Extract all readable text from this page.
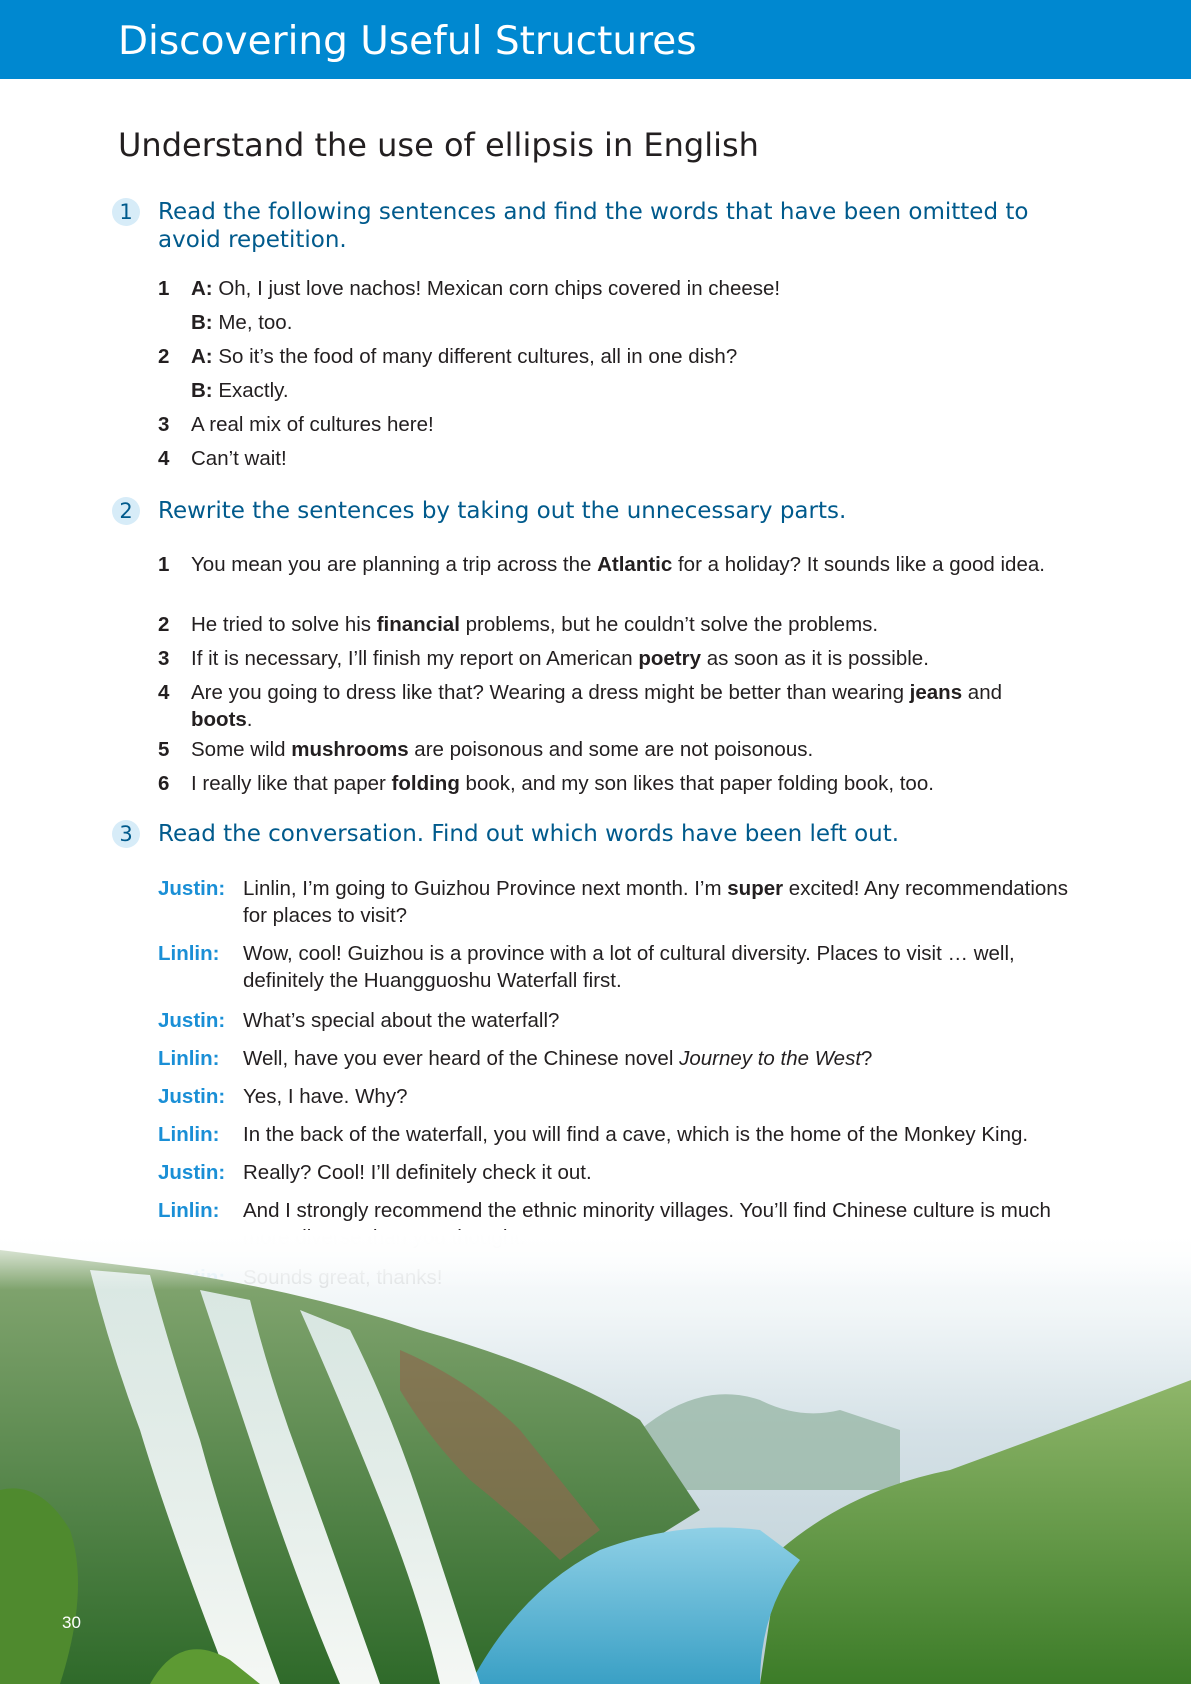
Discovering Useful Structures
Understand the use of ellipsis in English
1	Read the following sentences and find the words that have been omitted to avoid repetition.
1 A: Oh, I just love nachos! Mexican corn chips covered in cheese!
B: Me, too.
2 A: So it’s the food of many different cultures, all in one dish?
B: Exactly.
3 A real mix of cultures here!
4 Can’t wait!
2	Rewrite the sentences by taking out the unnecessary parts.
1 You mean you are planning a trip across the Atlantic for a holiday? It sounds like a good idea.
2 He tried to solve his financial problems, but he couldn’t solve the problems.
3 If it is necessary, I’ll finish my report on American poetry as soon as it is possible.
4 Are you going to dress like that? Wearing a dress might be better than wearing jeans and boots.
5 Some wild mushrooms are poisonous and some are not poisonous.
6 I really like that paper folding book, and my son likes that paper folding book, too.
3	Read the conversation. Find out which words have been left out.
Justin: Linlin, I’m going to Guizhou Province next month. I’m super excited! Any recommendations for places to visit?
Linlin: Wow, cool! Guizhou is a province with a lot of cultural diversity. Places to visit … well, definitely the Huangguoshu Waterfall first.
Justin: What’s special about the waterfall?
Linlin: Well, have you ever heard of the Chinese novel Journey to the West?
Justin: Yes, I have. Why?
Linlin: In the back of the waterfall, you will find a cave, which is the home of the Monkey King.
Justin: Really? Cool! I’ll definitely check it out.
Linlin: And I strongly recommend the ethnic minority villages. You’ll find Chinese culture is much
30
